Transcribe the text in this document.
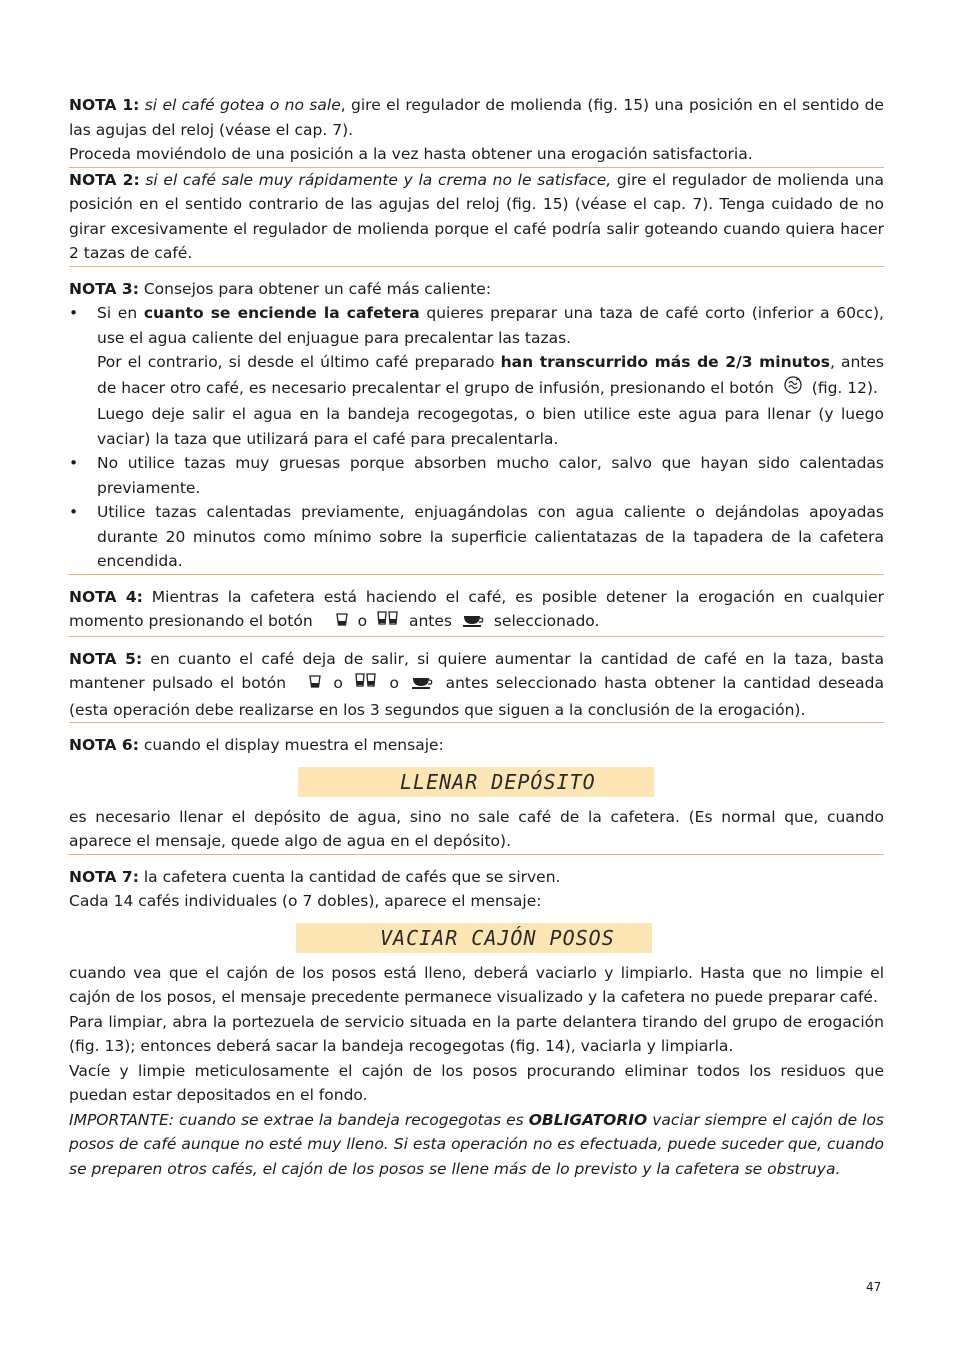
NOTA 1: si el café gotea o no sale, gire el regulador de molienda (fig. 15) una posición en el sentido de las agujas del reloj (véase el cap. 7).

Proceda moviéndolo de una posición a la vez hasta obtener una erogación satisfactoria.

NOTA 2: si el café sale muy rápidamente y la crema no le satisface, gire el regulador de molienda una posición en el sentido contrario de las agujas del reloj (fig. 15) (véase el cap. 7). Tenga cuidado de no girar excesivamente el regulador de molienda porque el café podría salir goteando cuando quiera hacer 2 tazas de café.

NOTA 3: Consejos para obtener un café más caliente:

• Si en cuanto se enciende la cafetera quieres preparar una taza de café corto (inferior a 60cc), use el agua caliente del enjuague para precalentar las tazas.

Por el contrario, si desde el último café preparado han transcurrido más de 2/3 minutos, antes de hacer otro café, es necesario precalentar el grupo de infusión, presionando el botón (fig. 12).

Luego deje salir el agua en la bandeja recogegotas, o bien utilice este agua para llenar (y luego vaciar) la taza que utilizará para el café para precalentarla.

• No utilice tazas muy gruesas porque absorben mucho calor, salvo que hayan sido calentadas previamente.
• Utilice tazas calentadas previamente, enjuagándolas con agua caliente o dejándolas apoyadas durante 20 minutos como mínimo sobre la superficie calientatazas de la tapadera de la cafetera encendida.

NOTA 4: Mientras la cafetera está haciendo el café, es posible detener la erogación en cualquier momento presionando el botón	o	antes	seleccionado.

NOTA 5: en cuanto el café deja de salir, si quiere aumentar la cantidad de café en la taza, basta mantener pulsado el botón	o	o	antes seleccionado hasta obtener la cantidad deseada (esta operación debe realizarse en los 3 segundos que siguen a la conclusión de la erogación).

NOTA 6: cuando el display muestra el mensaje:

LLENAR DEPÓSITO

es necesario llenar el depósito de agua, sino no sale café de la cafetera. (Es normal que, cuando aparece el mensaje, quede algo de agua en el depósito).

NOTA 7: la cafetera cuenta la cantidad de cafés que se sirven.

Cada 14 cafés individuales (o 7 dobles), aparece el mensaje:

VACIAR CAJÓN POSOS

cuando vea que el cajón de los posos está lleno, deberá vaciarlo y limpiarlo. Hasta que no limpie el cajón de los posos, el mensaje precedente permanece visualizado y la cafetera no puede preparar café.

Para limpiar, abra la portezuela de servicio situada en la parte delantera tirando del grupo de erogación (fig. 13); entonces deberá sacar la bandeja recogegotas (fig. 14), vaciarla y limpiarla.

Vacíe y limpie meticulosamente el cajón de los posos procurando eliminar todos los residuos que puedan estar depositados en el fondo.

IMPORTANTE: cuando se extrae la bandeja recogegotas es OBLIGATORIO vaciar siempre el cajón de los posos de café aunque no esté muy lleno. Si esta operación no es efectuada, puede suceder que, cuando se preparen otros cafés, el cajón de los posos se llene más de lo previsto y la cafetera se obstruya.

47
